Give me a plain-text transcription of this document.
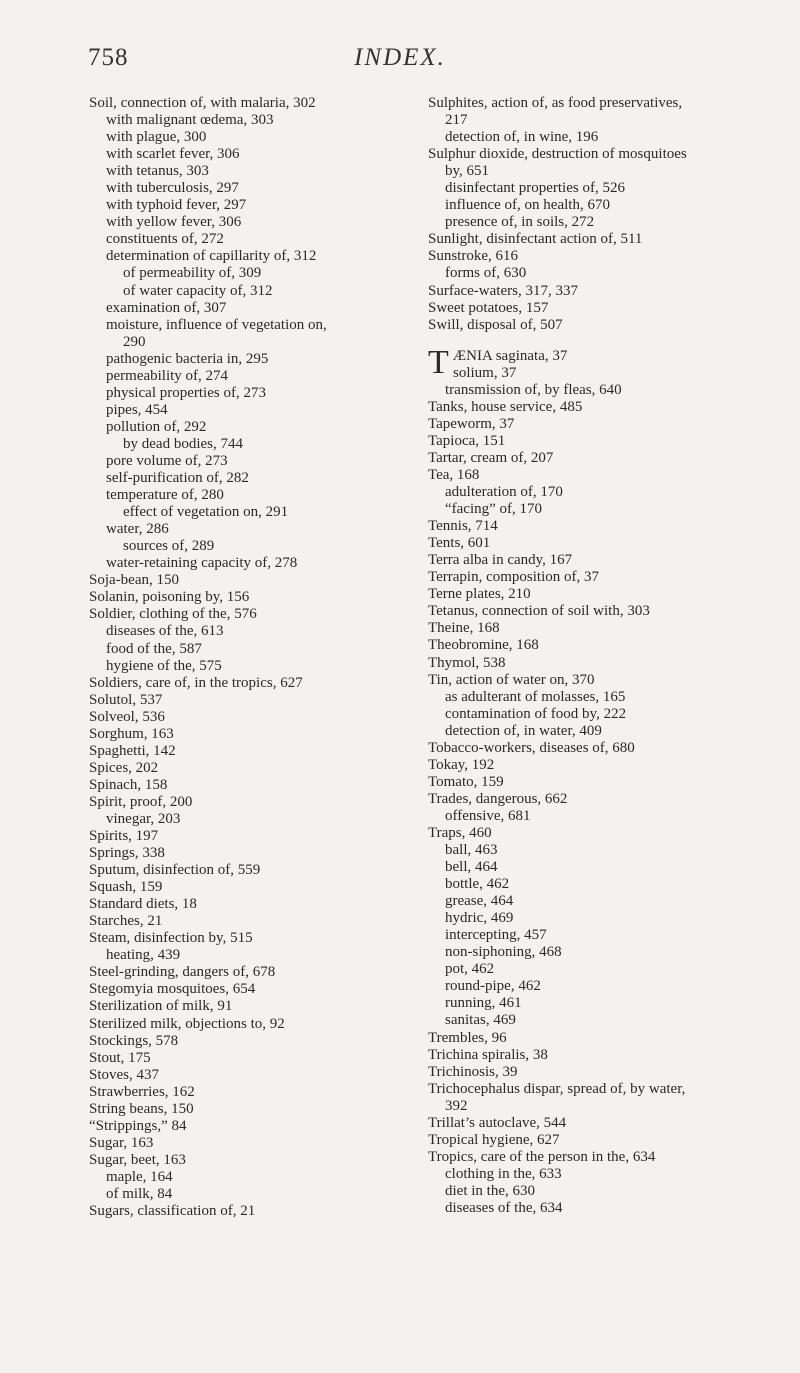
758	INDEX.
Soil, connection of, with malaria, 302
with malignant œdema, 303
with plague, 300
with scarlet fever, 306
with tetanus, 303
with tuberculosis, 297
with typhoid fever, 297
with yellow fever, 306
constituents of, 272
determination of capillarity of, 312
of permeability of, 309
of water capacity of, 312
examination of, 307
moisture, influence of vegetation on,
290
pathogenic bacteria in, 295
permeability of, 274
physical properties of, 273
pipes, 454
pollution of, 292
by dead bodies, 744
pore volume of, 273
self-purification of, 282
temperature of, 280
effect of vegetation on, 291
water, 286
sources of, 289
water-retaining capacity of, 278
Soja-bean, 150
Solanin, poisoning by, 156
Soldier, clothing of the, 576
diseases of the, 613
food of the, 587
hygiene of the, 575
Soldiers, care of, in the tropics, 627
Solutol, 537
Solveol, 536
Sorghum, 163
Spaghetti, 142
Spices, 202
Spinach, 158
Spirit, proof, 200
vinegar, 203
Spirits, 197
Springs, 338
Sputum, disinfection of, 559
Squash, 159
Standard diets, 18
Starches, 21
Steam, disinfection by, 515
heating, 439
Steel-grinding, dangers of, 678
Stegomyia mosquitoes, 654
Sterilization of milk, 91
Sterilized milk, objections to, 92
Stockings, 578
Stout, 175
Stoves, 437
Strawberries, 162
String beans, 150
“Strippings,” 84
Sugar, 163
Sugar, beet, 163
maple, 164
of milk, 84
Sugars, classification of, 21
Sulphites, action of, as food preservatives,
217
detection of, in wine, 196
Sulphur dioxide, destruction of mosquitoes
by, 651
disinfectant properties of, 526
influence of, on health, 670
presence of, in soils, 272
Sunlight, disinfectant action of, 511
Sunstroke, 616
forms of, 630
Surface-waters, 317, 337
Sweet potatoes, 157
Swill, disposal of, 507
TÆNIA saginata, 37
solium, 37
transmission of, by fleas, 640
Tanks, house service, 485
Tapeworm, 37
Tapioca, 151
Tartar, cream of, 207
Tea, 168
adulteration of, 170
“facing” of, 170
Tennis, 714
Tents, 601
Terra alba in candy, 167
Terrapin, composition of, 37
Terne plates, 210
Tetanus, connection of soil with, 303
Theine, 168
Theobromine, 168
Thymol, 538
Tin, action of water on, 370
as adulterant of molasses, 165
contamination of food by, 222
detection of, in water, 409
Tobacco-workers, diseases of, 680
Tokay, 192
Tomato, 159
Trades, dangerous, 662
offensive, 681
Traps, 460
ball, 463
bell, 464
bottle, 462
grease, 464
hydric, 469
intercepting, 457
non-siphoning, 468
pot, 462
round-pipe, 462
running, 461
sanitas, 469
Trembles, 96
Trichina spiralis, 38
Trichinosis, 39
Trichocephalus dispar, spread of, by water,
392
Trillat’s autoclave, 544
Tropical hygiene, 627
Tropics, care of the person in the, 634
clothing in the, 633
diet in the, 630
diseases of the, 634
